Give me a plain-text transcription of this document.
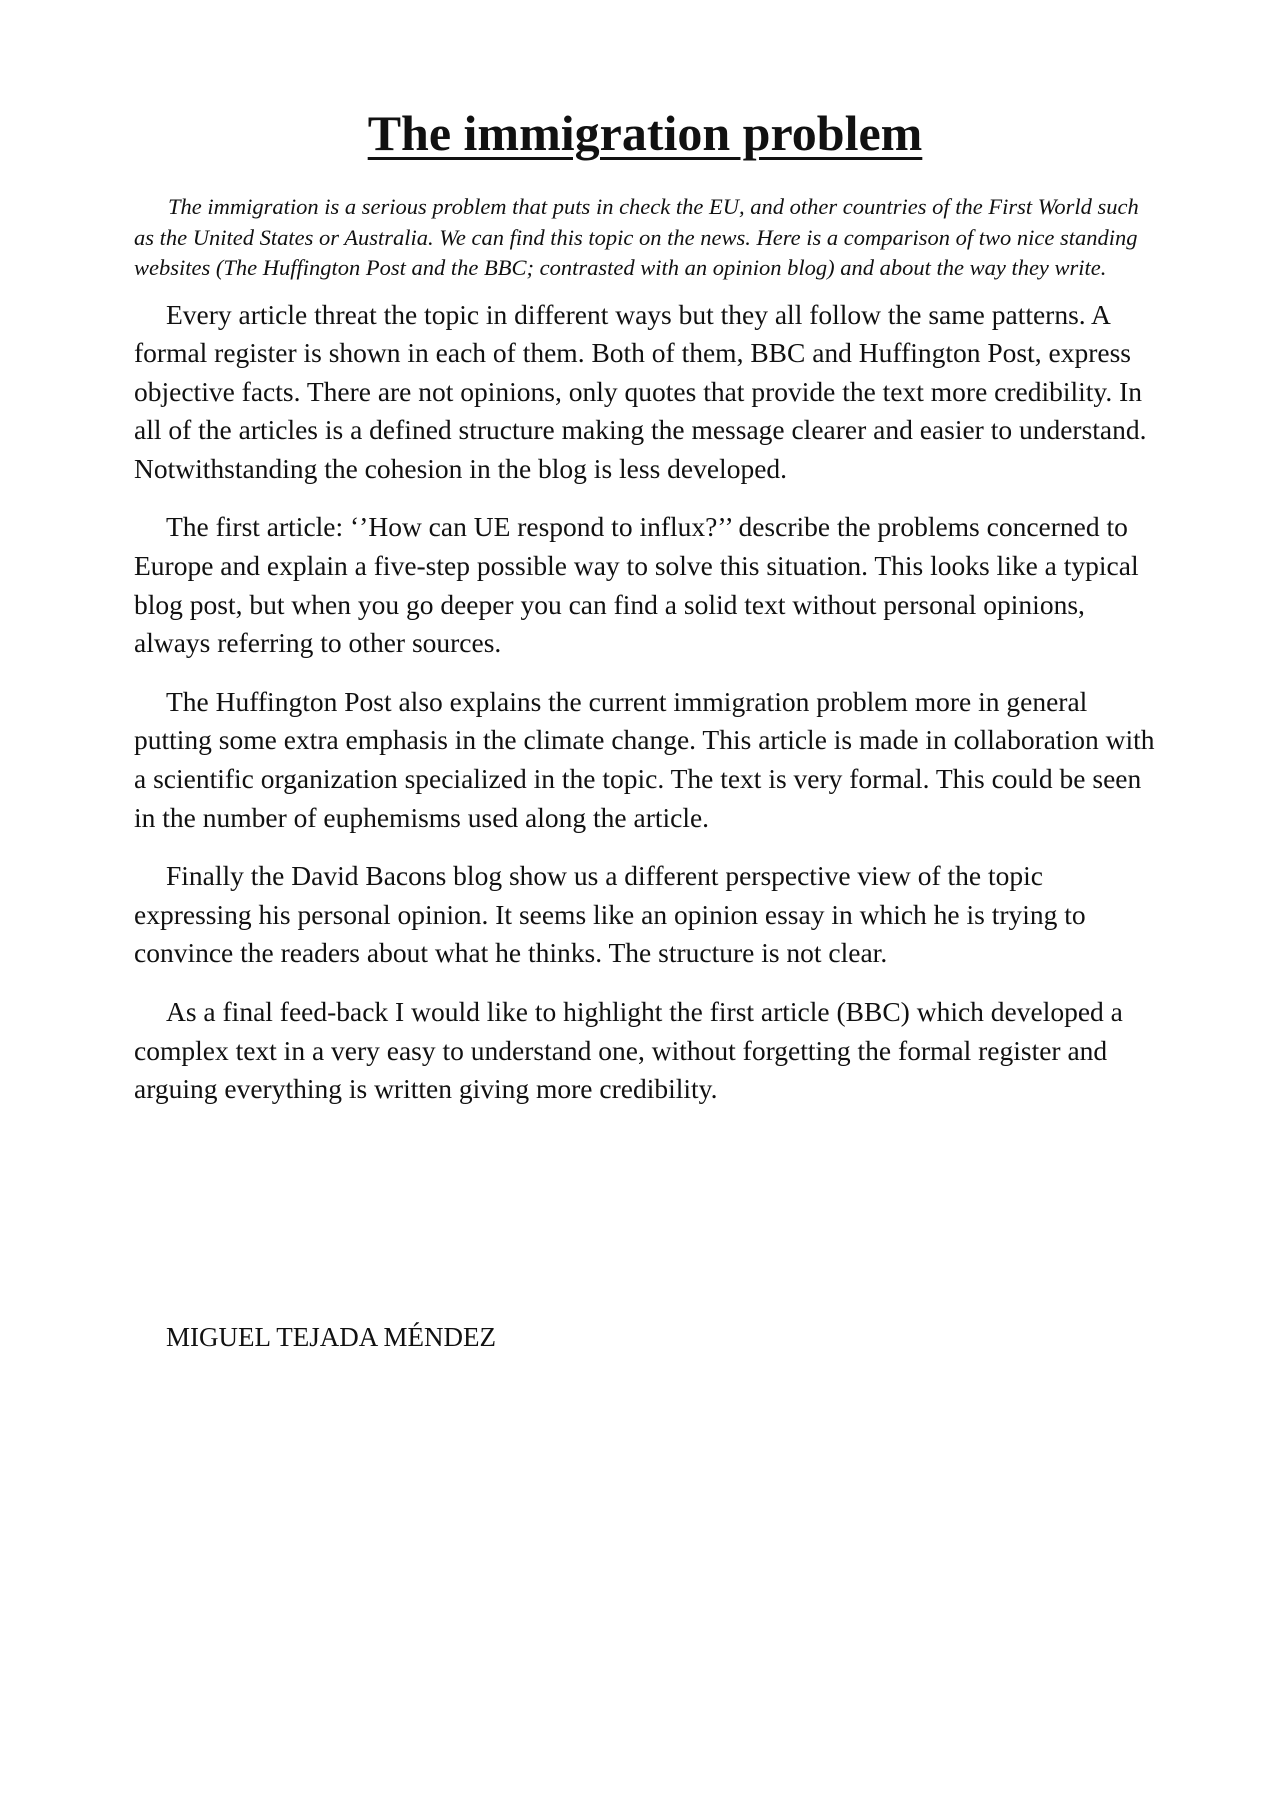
The immigration problem

The immigration is a serious problem that puts in check the EU, and other countries of the First World such as the United States or Australia. We can find this topic on the news. Here is a comparison of two nice standing websites (The Huffington Post and the BBC; contrasted with an opinion blog) and about the way they write.

Every article threat the topic in different ways but they all follow the same patterns. A formal register is shown in each of them. Both of them, BBC and Huffington Post, express objective facts. There are not opinions, only quotes that provide the text more credibility. In all of the articles is a defined structure making the message clearer and easier to understand. Notwithstanding the cohesion in the blog is less developed.

The first article: ‘’How can UE respond to influx?’’ describe the problems concerned to Europe and explain a five-step possible way to solve this situation. This looks like a typical blog post, but when you go deeper you can find a solid text without personal opinions, always referring to other sources.

The Huffington Post also explains the current immigration problem more in general putting some extra emphasis in the climate change. This article is made in collaboration with a scientific organization specialized in the topic. The text is very formal. This could be seen in the number of euphemisms used along the article.

Finally the David Bacons blog show us a different perspective view of the topic expressing his personal opinion. It seems like an opinion essay in which he is trying to convince the readers about what he thinks. The structure is not clear.

As a final feed-back I would like to highlight the first article (BBC) which developed a complex text in a very easy to understand one, without forgetting the formal register and arguing everything is written giving more credibility.

MIGUEL TEJADA MÉNDEZ
